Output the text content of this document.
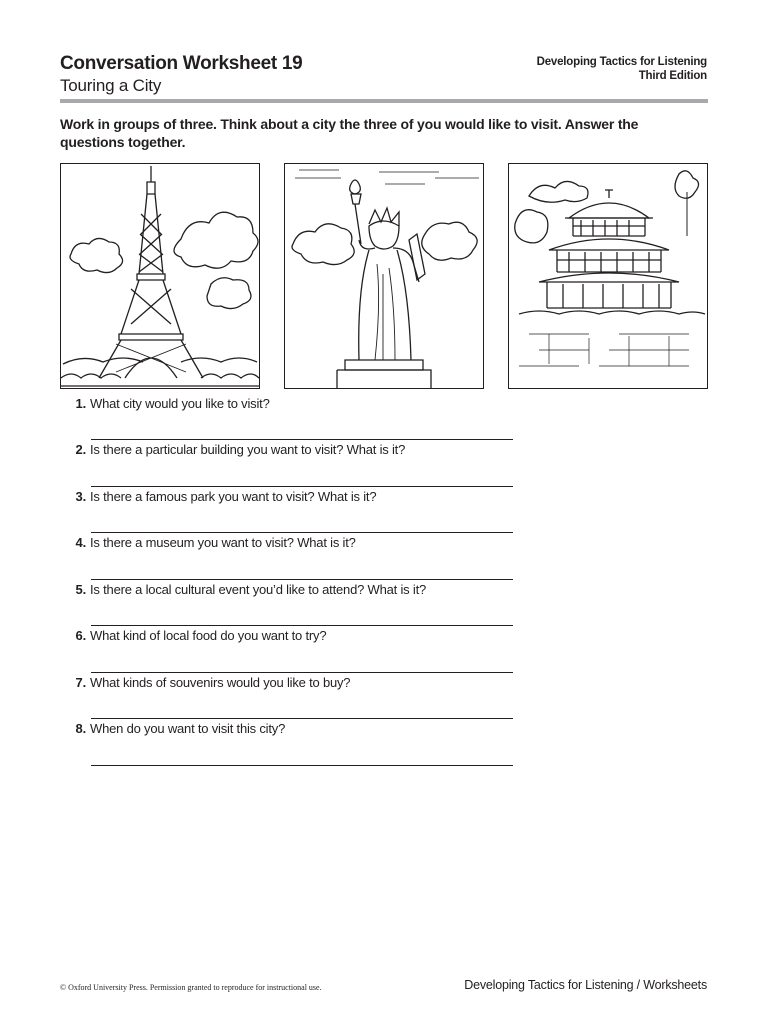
Conversation Worksheet 19
Touring a City
Developing Tactics for Listening
Third Edition
Work in groups of three. Think about a city the three of you would like to visit. Answer the questions together.
1. What city would you like to visit?
2. Is there a particular building you want to visit? What is it?
3. Is there a famous park you want to visit? What is it?
4. Is there a museum you want to visit? What is it?
5. Is there a local cultural event you’d like to attend? What is it?
6. What kind of local food do you want to try?
7. What kinds of souvenirs would you like to buy?
8. When do you want to visit this city?
© Oxford University Press. Permission granted to reproduce for instructional use.	Developing Tactics for Listening / Worksheets
